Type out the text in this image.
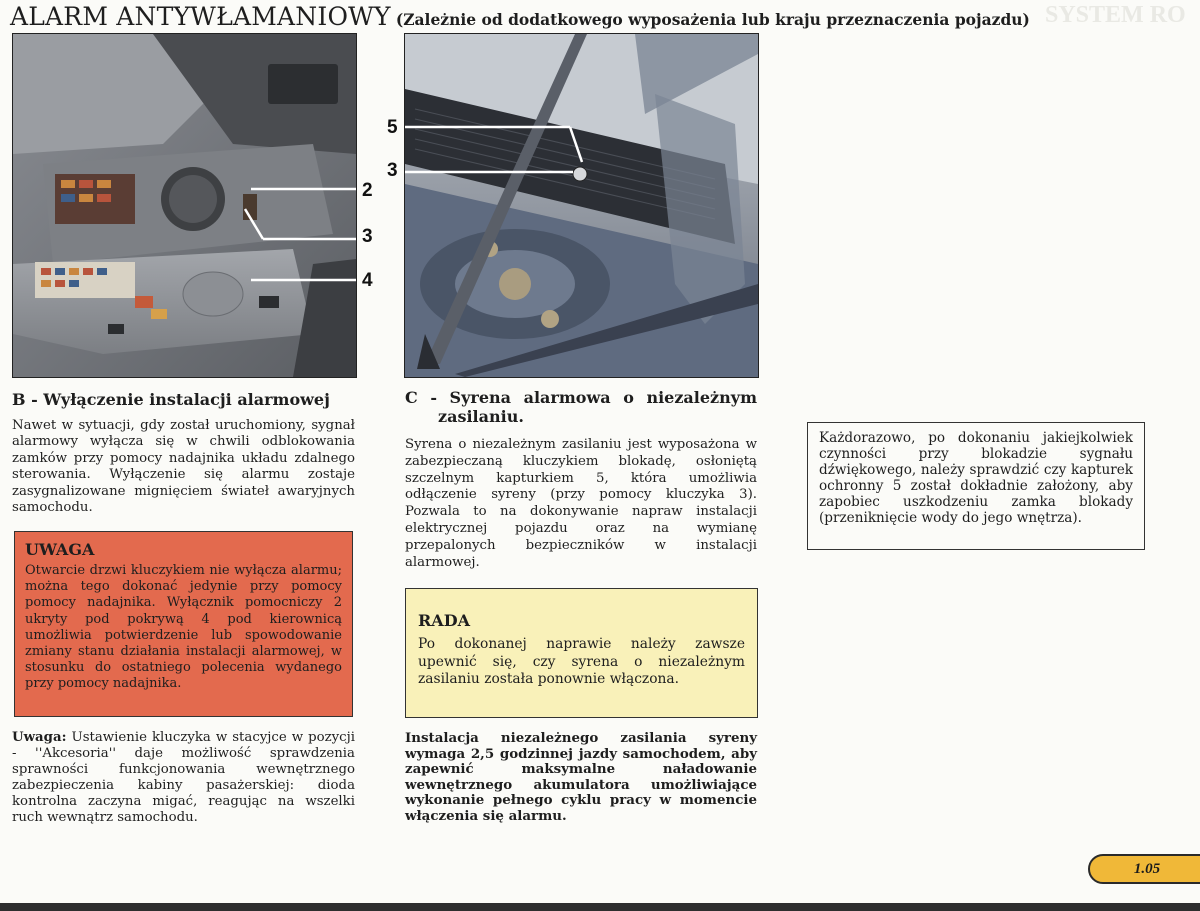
SYSTEM RO
ALARM ANTYWŁAMANIOWY (Zależnie od dodatkowego wyposażenia lub kraju przeznaczenia pojazdu)
2
3
4
5
3
B - Wyłączenie instalacji alarmowej

Nawet w sytuacji, gdy został uruchomiony, sygnał alarmowy wyłącza się w chwili odblokowania zamków przy pomocy nadajnika układu zdalnego sterowania. Wyłączenie się alarmu zostaje zasygnalizowane mignięciem świateł awaryjnych samochodu.

UWAGA
Otwarcie drzwi kluczykiem nie wyłącza alarmu; można tego dokonać jedynie przy pomocy pomocy nadajnika. Wyłącznik pomocniczy 2 ukryty pod pokrywą 4 pod kierownicą umożliwia potwierdzenie lub spowodowanie zmiany stanu działania instalacji alarmowej, w stosunku do ostatniego polecenia wydanego przy pomocy nadajnika.

Uwaga: Ustawienie kluczyka w stacyjce w pozycji - ''Akcesoria'' daje możliwość sprawdzenia sprawności funkcjonowania wewnętrznego zabezpieczenia kabiny pasażerskiej: dioda kontrolna zaczyna migać, reagując na wszelki ruch wewnątrz samochodu.

C - Syrena alarmowa o niezależnym
zasilaniu.

Syrena o niezależnym zasilaniu jest wyposażona w zabezpieczaną kluczykiem blokadę, osłoniętą szczelnym kapturkiem 5, która umożliwia odłączenie syreny (przy pomocy kluczyka 3). Pozwala to na dokonywanie napraw instalacji elektrycznej pojazdu oraz na wymianę przepalonych bezpieczników w instalacji alarmowej.

RADA
Po dokonanej naprawie należy zawsze upewnić się, czy syrena o niezależnym zasilaniu została ponownie włączona.

Instalacja niezależnego zasilania syreny wymaga 2,5 godzinnej jazdy samochodem, aby zapewnić maksymalne naładowanie wewnętrznego akumulatora umożliwiające wykonanie pełnego cyklu pracy w momencie włączenia się alarmu.

Każdorazowo, po dokonaniu jakiejkolwiek czynności przy blokadzie sygnału dźwiękowego, należy sprawdzić czy kapturek ochronny 5 został dokładnie założony, aby zapobiec uszkodzeniu zamka blokady (przeniknięcie wody do jego wnętrza).
1.05
